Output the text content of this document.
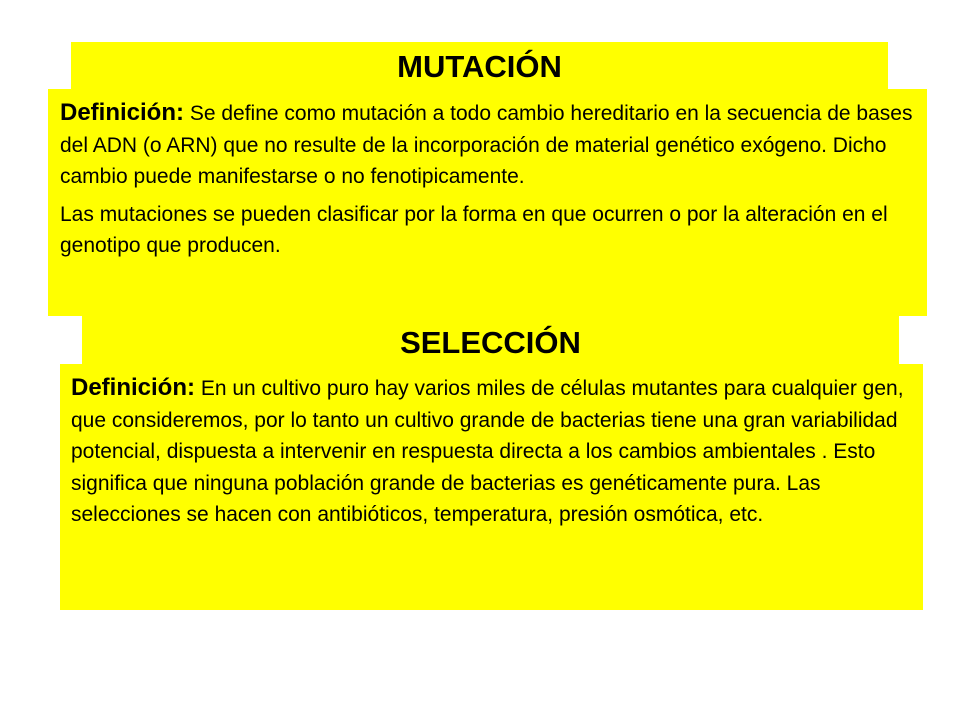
MUTACIÓN

Definición: Se define como mutación a todo cambio hereditario en la secuencia de bases del ADN (o ARN) que no resulte de la incorporación de material genético exógeno. Dicho cambio puede manifestarse o no fenotipicamente.

Las mutaciones se pueden clasificar por la forma en que ocurren o por la alteración en el genotipo que producen.

SELECCIÓN

Definición: En un cultivo puro hay varios miles de células mutantes para cualquier gen, que consideremos, por lo tanto un cultivo grande de bacterias tiene una gran variabilidad potencial, dispuesta a intervenir en respuesta directa a los cambios ambientales . Esto significa que ninguna población grande de bacterias es genéticamente pura. Las selecciones se hacen con antibióticos, temperatura, presión osmótica, etc.
